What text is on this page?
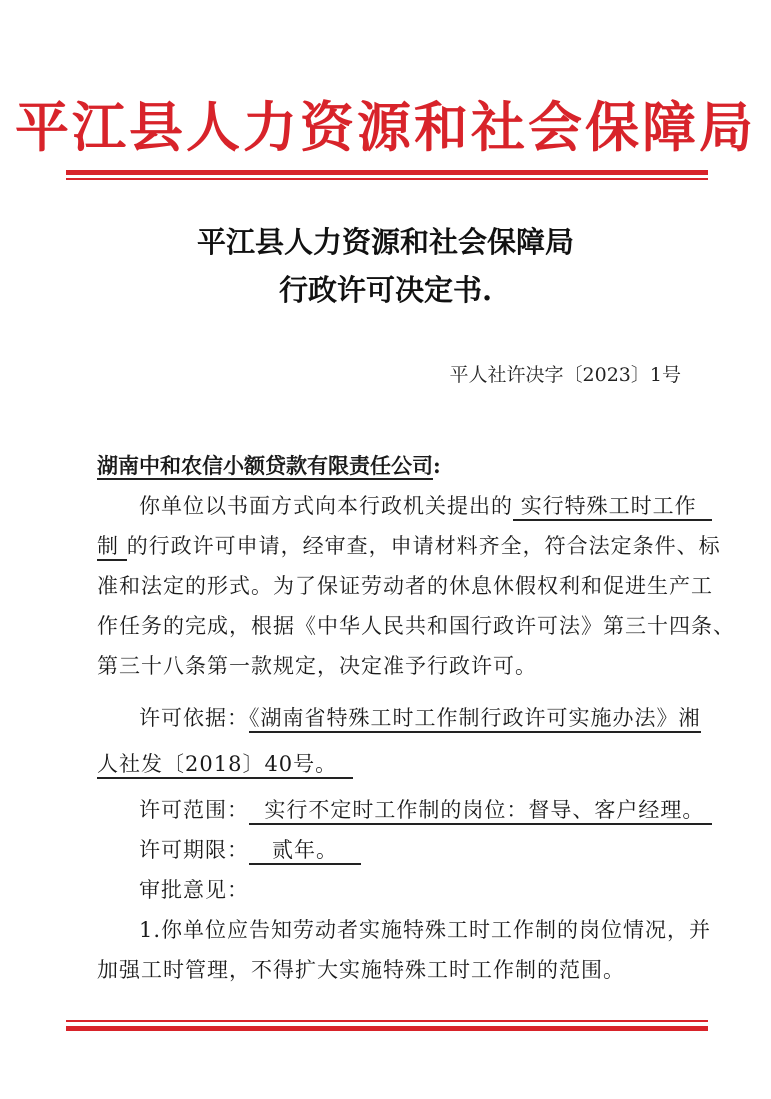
平江县人力资源和社会保障局
平江县人力资源和社会保障局
行政许可决定书.
平人社许决字〔2023〕1号
湖南中和农信小额贷款有限责任公司:
你单位以书面方式向本行政机关提出的 实行特殊工时工作
制 的行政许可申请，经审查，申请材料齐全，符合法定条件、标
准和法定的形式。为了保证劳动者的休息休假权利和促进生产工
作任务的完成，根据《中华人民共和国行政许可法》第三十四条、
第三十八条第一款规定，决定准予行政许可。
许可依据：《湖南省特殊工时工作制行政许可实施办法》湘
人社发〔2018〕40号。
许可范围： 实行不定时工作制的岗位：督导、客户经理。
许可期限： 贰年。
审批意见：
1.你单位应告知劳动者实施特殊工时工作制的岗位情况，并
加强工时管理，不得扩大实施特殊工时工作制的范围。
